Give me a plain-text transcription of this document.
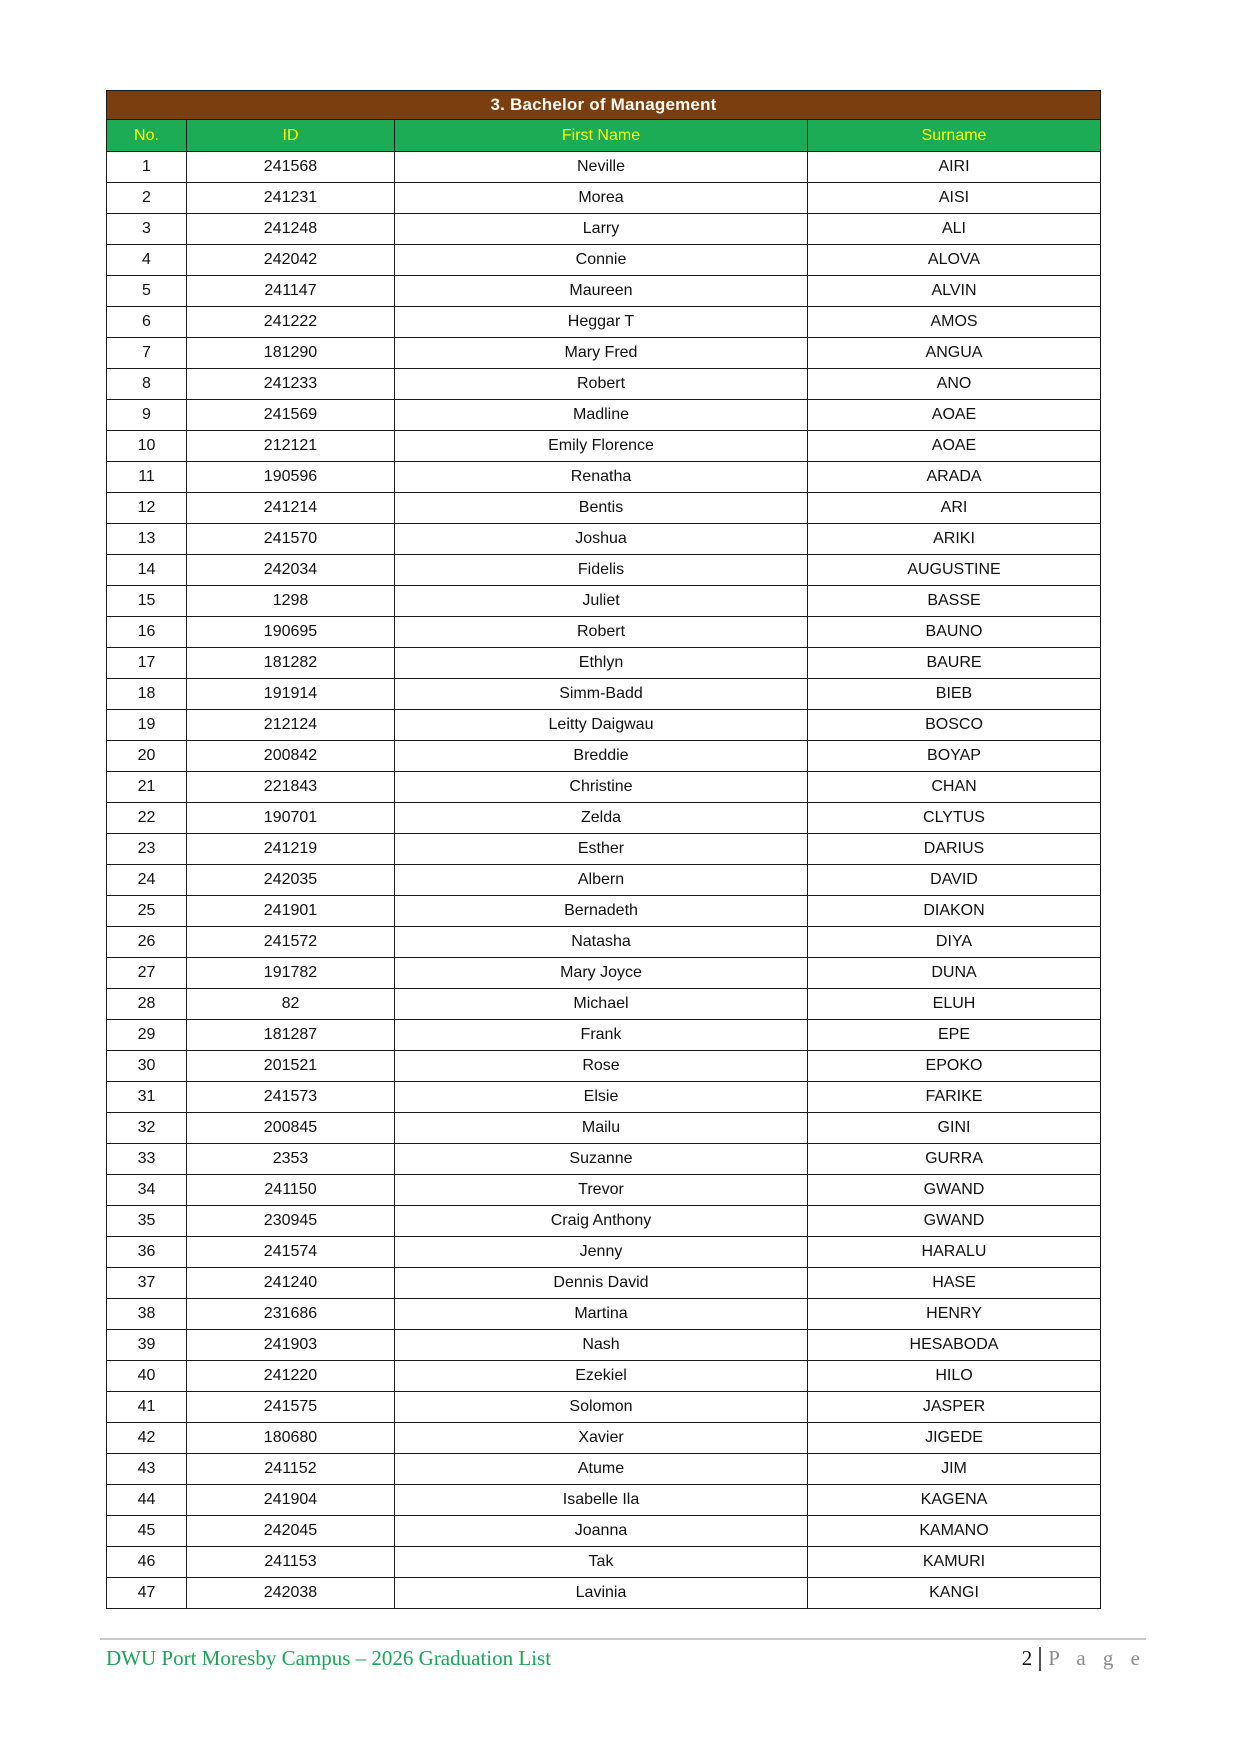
3. Bachelor of Management			
No.	ID	First Name	Surname
1	241568	Neville	AIRI
2	241231	Morea	AISI
3	241248	Larry	ALI
4	242042	Connie	ALOVA
5	241147	Maureen	ALVIN
6	241222	Heggar T	AMOS
7	181290	Mary Fred	ANGUA
8	241233	Robert	ANO
9	241569	Madline	AOAE
10	212121	Emily Florence	AOAE
11	190596	Renatha	ARADA
12	241214	Bentis	ARI
13	241570	Joshua	ARIKI
14	242034	Fidelis	AUGUSTINE
15	1298	Juliet	BASSE
16	190695	Robert	BAUNO
17	181282	Ethlyn	BAURE
18	191914	Simm-Badd	BIEB
19	212124	Leitty Daigwau	BOSCO
20	200842	Breddie	BOYAP
21	221843	Christine	CHAN
22	190701	Zelda	CLYTUS
23	241219	Esther	DARIUS
24	242035	Albern	DAVID
25	241901	Bernadeth	DIAKON
26	241572	Natasha	DIYA
27	191782	Mary Joyce	DUNA
28	82	Michael	ELUH
29	181287	Frank	EPE
30	201521	Rose	EPOKO
31	241573	Elsie	FARIKE
32	200845	Mailu	GINI
33	2353	Suzanne	GURRA
34	241150	Trevor	GWAND
35	230945	Craig Anthony	GWAND
36	241574	Jenny	HARALU
37	241240	Dennis David	HASE
38	231686	Martina	HENRY
39	241903	Nash	HESABODA
40	241220	Ezekiel	HILO
41	241575	Solomon	JASPER
42	180680	Xavier	JIGEDE
43	241152	Atume	JIM
44	241904	Isabelle Ila	KAGENA
45	242045	Joanna	KAMANO
46	241153	Tak	KAMURI
47	242038	Lavinia	KANGI
DWU Port Moresby Campus – 2026 Graduation List	2 P a g e
